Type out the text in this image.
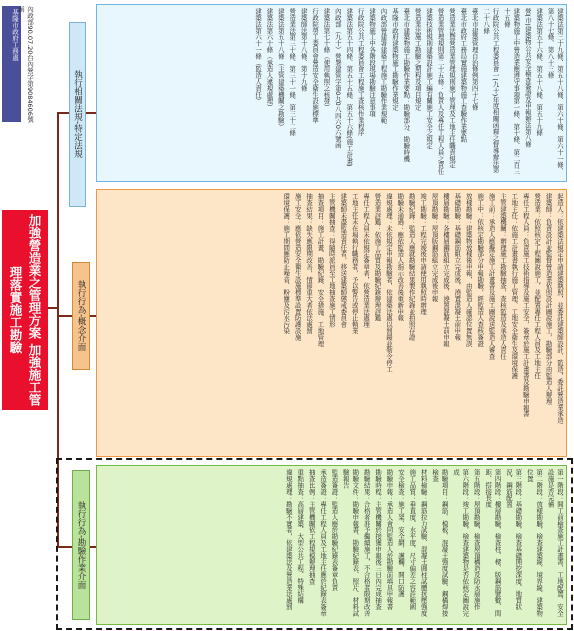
基隆市政府工務處	內政部90.07.20台內營字第9084606號函
加強營造業之管理方案 加強施工管理落實施工勘驗
執行相關法規-特定法規
執行行為-概念介面
執行行為-勘驗作業介面

建築法第三十九條、第五十八條、第六十條、第六十一條、第八十七條、第八十三條

建築法第五十六條、第五十八條、第五十九條

營(市)建築物公共安全檢查簽證及申報辦法第八條

建築物施工中營造業應遵守事項第一條、第十條、第二百三十五條

行政院公共工程委員會一(九十)年度相關函釋之督導辦法第二十八條

臺北市建築管理自治條例第四十七條

臺北市政府工務局實施建築物施工查驗作業要點

營造業法暨營造業管理規則施工管理及工地主任職責規定

營造業管理規則第二十五條：負責人及專任工程人員之責任

建築技術規則建築設計施工編有關施工安全之規定

營造業法施工勘驗之期程及項目規定

臺北市建築物施工勘驗作業要點：勘驗部分、勘驗時機

基隆市政府建築物施工勘驗作業規定

內政部營建署建築工程施工勘驗作業規範

建築物施工中各階段現場勘驗注意事項

行政院公共工程委員會工程施工查核作業程序

建築法第五十四條、第五十五條、第五十六條(施工計畫)

內政部（九十）營署建管字第0九0八四六0六號函

建築法第七十條（使用執照之核發）

行政院勞工委員會營造安全衛生設施標準

建築師法第十八條、第十九條

營造業法第三十條、第三十一條、第三十二條

建築法第五十八條（主管建築機關之勘驗）

建築法第六十條（承造人違規處理）

建築法第六十一條（監造人責任）

起造人：依建築法規定申請建築執照，並委託建築師設計、監造，委託營造業承造

建築師：負責設計並監督營造業依照設計圖說施工，勘驗部分由監造人辦理

營造業：依照核定工程圖說施工，並配置專任工程人員及工地主任

專任工程人員：負責施工技術指導及施工安全，簽章於施工計畫書及勘驗申報書

工地主任：依施工計畫書執行施工管理、工地安全衛生及環境保護

主管建築機關：辦理施工勘驗抽查，查核監造及承造人責任

施工前：承造人應擬定施工計畫書及施工圖說送監造人審查

施工中：依核定勘驗部分申報勘驗，經監造人查核簽證

放樣勘驗：建築物放樣後申報，由監造人確認位置無誤

基礎勘驗：基礎鋼筋組立完成後，澆置混凝土前申報

樓層勘驗：各樓層鋼筋組立完成後、澆置混凝土前申報

屋頂勘驗：屋頂版鋼筋組立完成後申報

竣工勘驗：工程完竣後申請使用執照時辦理

勘驗紀錄：監造人應就勘驗結果製作紀錄並拍照存證

勘驗未通過：應依監造人指示改善後重新申報

違規處理：未依規定申報勘驗者，依建築法處以罰鍰並勒令停工

營造業評鑑：依施工品質及勘驗紀錄辦理評鑑

專任工程人員未依規定簽章者，依營造業法處理

工地主任未在場執行職務者，予以警告或停止執業

建築師未盡監造責任者，移送建築師懲戒委員會

主管機關抽查：得隨時派員至工地抽查施工情形

抽查項目：施工計畫、勘驗紀錄、安全措施、工地管理

抽查結果：缺失應限期改善，情節重大者依法處罰

施工安全：應依營造安全衛生設施標準設置防護設施

環境保護：施工期間應防止噪音、粉塵及污水污染

第一階段：開工前檢查施工計畫書、工地配置、安全設施是否完備

第二階段：放樣勘驗，檢查建築線、境界線、建築物位置

第三階段：基礎勘驗，檢查基礎開挖深度、地質狀況、鋼筋配置

第四階段：樓層勘驗，檢查柱、樑、版鋼筋號數、間距、搭接長度

第五階段：屋頂勘驗，檢查屋頂構造及防水層施作

第六階段：竣工勘驗，檢查建築物是否依核定圖說完成

勘驗項目：鋼筋、模板、混凝土強度試驗、鋼構焊接檢查

材料檢驗：鋼筋拉力試驗、混凝土圓柱試體抗壓強度

施工品質：垂直度、水平度、尺寸偏差之容許範圍

安全檢查：施工架、安全網、護欄、開口防護

勘驗申報：承造人會同監造人於勘驗前填具申報書

勘驗時程：主管機關於接獲申報後三日內完成抽查

勘驗結果：合格者准予繼續施工，不合格者限期改善

勘驗文件：勘驗申報書、勘驗紀錄表、照片、材料試驗報告

監造簽證：監造人應於勘驗紀錄表簽章負責

承造簽證：專任工程人員及工地主任應於紀錄表簽章

抽查比例：主管機關依工程規模辦理抽查

重點抽查：高層建築、大型公共工程、特殊結構

違規處理：勘驗不實者，依建築法及營造業法處罰
